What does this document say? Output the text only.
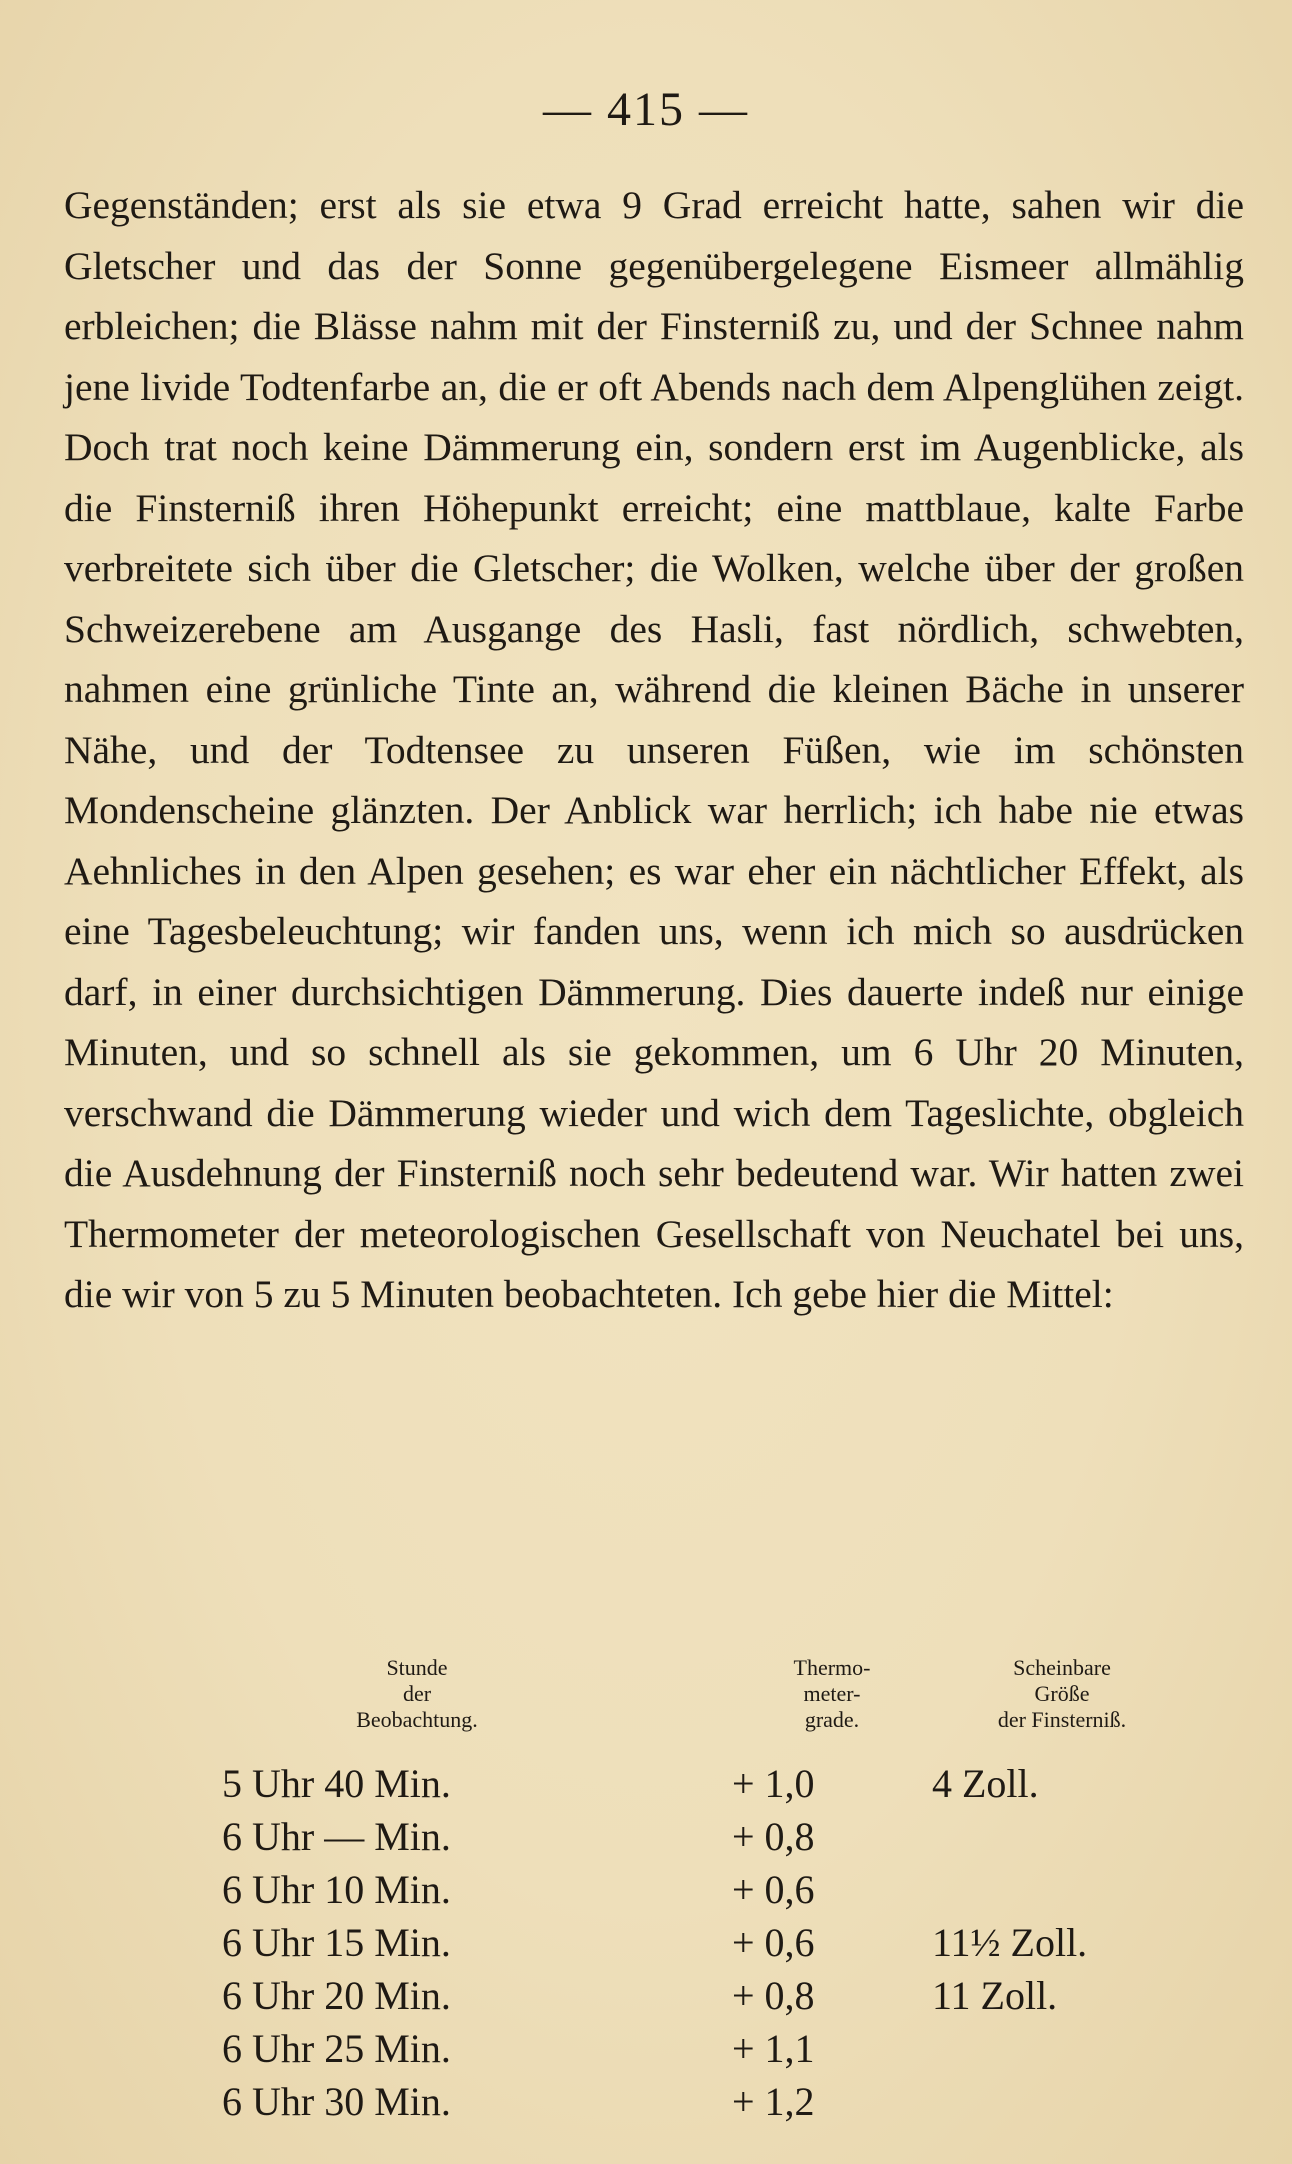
— 415 —

Gegenständen; erst als sie etwa 9 Grad erreicht hatte, sahen wir die Gletscher und das der Sonne gegenübergelegene Eismeer allmählig erbleichen; die Blässe nahm mit der Finsterniß zu, und der Schnee nahm jene livide Todtenfarbe an, die er oft Abends nach dem Alpenglühen zeigt. Doch trat noch keine Dämmerung ein, sondern erst im Augenblicke, als die Finsterniß ihren Höhepunkt erreicht; eine mattblaue, kalte Farbe verbreitete sich über die Gletscher; die Wolken, welche über der großen Schweizerebene am Ausgange des Hasli, fast nördlich, schwebten, nahmen eine grünliche Tinte an, während die kleinen Bäche in unserer Nähe, und der Todtensee zu unseren Füßen, wie im schönsten Mondenscheine glänzten. Der Anblick war herrlich; ich habe nie etwas Aehnliches in den Alpen gesehen; es war eher ein nächtlicher Effekt, als eine Tagesbeleuchtung; wir fanden uns, wenn ich mich so ausdrücken darf, in einer durchsichtigen Dämmerung. Dies dauerte indeß nur einige Minuten, und so schnell als sie gekommen, um 6 Uhr 20 Minuten, verschwand die Dämmerung wieder und wich dem Tageslichte, obgleich die Ausdehnung der Finsterniß noch sehr bedeutend war. Wir hatten zwei Thermometer der meteorologischen Gesellschaft von Neuchatel bei uns, die wir von 5 zu 5 Minuten beobachteten. Ich gebe hier die Mittel:

Stunde
der
Beobachtung.	Thermo-
meter-
grade.	Scheinbare
Größe
der Finsterniß.
5 Uhr 40 Min.	+ 1,0	4 Zoll.
6 Uhr — Min.	+ 0,8	
6 Uhr 10 Min.	+ 0,6	
6 Uhr 15 Min.	+ 0,6	11½ Zoll.
6 Uhr 20 Min.	+ 0,8	11 Zoll.
6 Uhr 25 Min.	+ 1,1	
6 Uhr 30 Min.	+ 1,2	
